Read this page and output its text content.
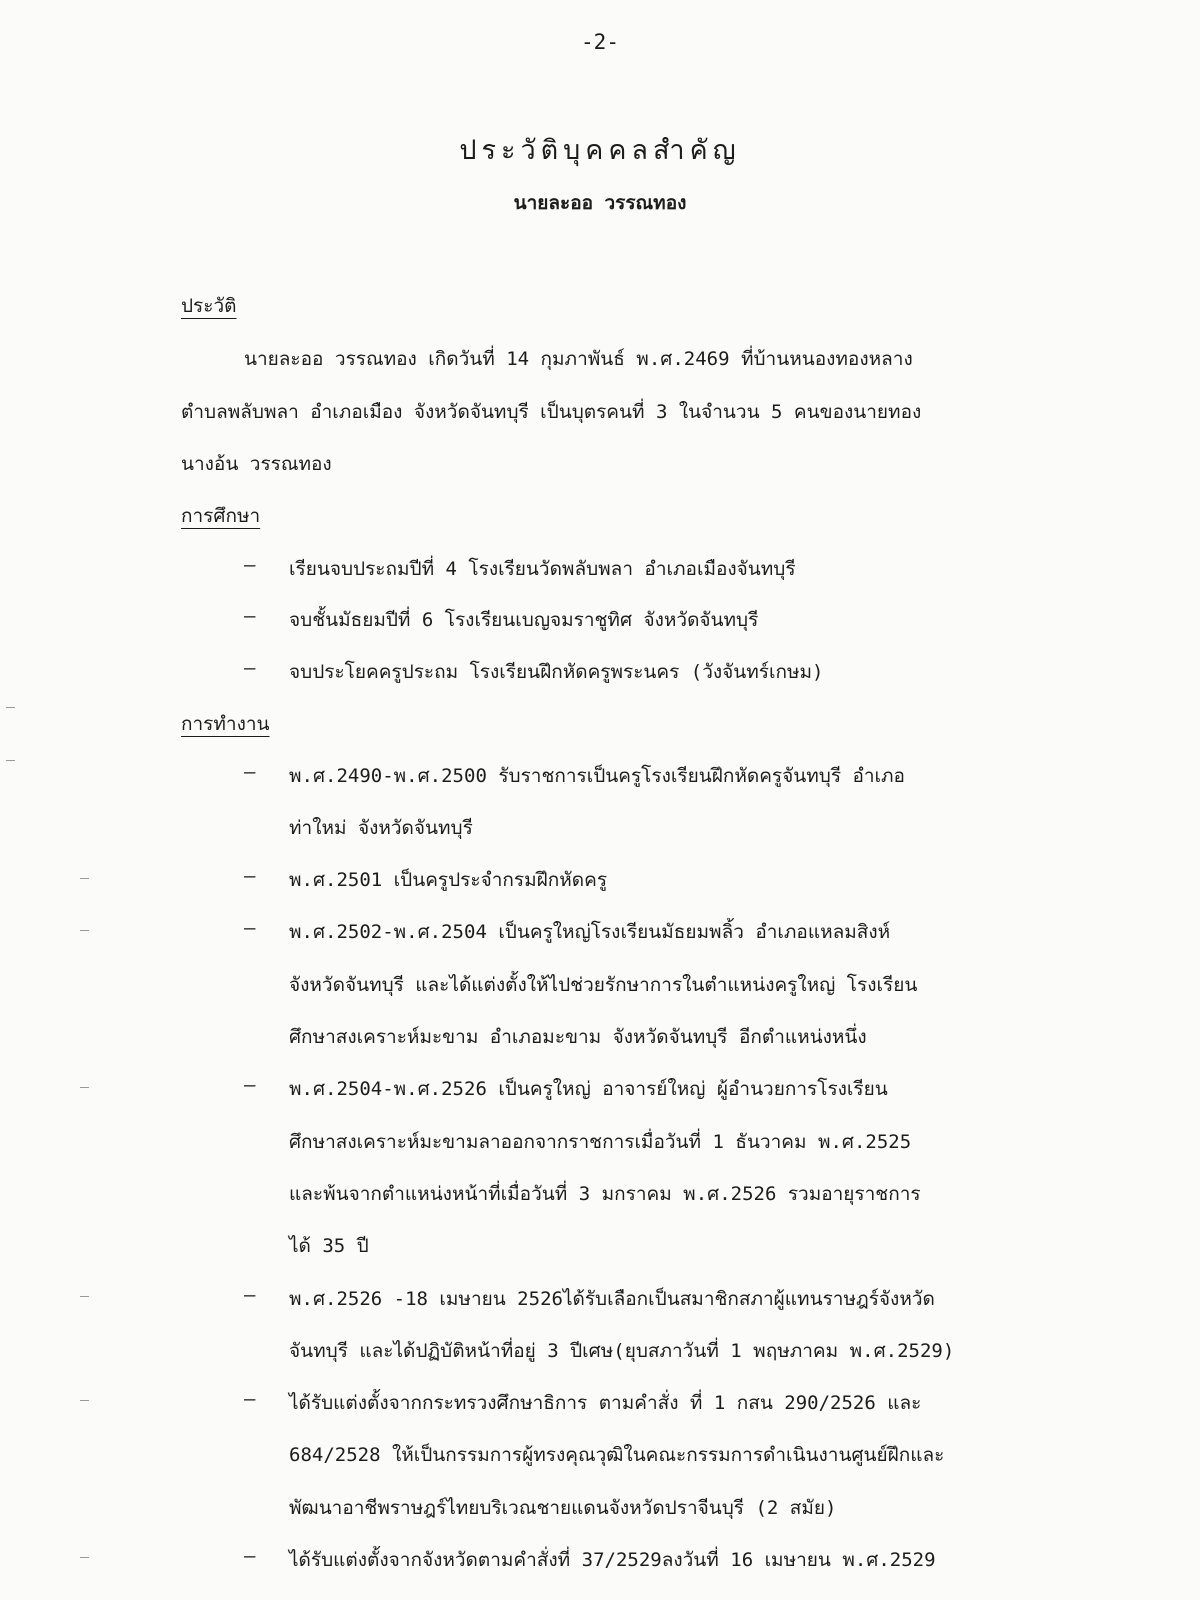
-2-
ประวัติบุคคลสำคัญ
นายละออ วรรณทอง
ประวัติ
นายละออ วรรณทอง เกิดวันที่ 14 กุมภาพันธ์ พ.ศ.2469 ที่บ้านหนองทองหลาง
ตำบลพลับพลา อำเภอเมือง จังหวัดจันทบุรี เป็นบุตรคนที่ 3 ในจำนวน 5 คนของนายทอง
นางอ้น วรรณทอง
การศึกษา
– เรียนจบประถมปีที่ 4 โรงเรียนวัดพลับพลา อำเภอเมืองจันทบุรี
– จบชั้นมัธยมปีที่ 6 โรงเรียนเบญจมราชูทิศ จังหวัดจันทบุรี
– จบประโยคครูประถม โรงเรียนฝึกหัดครูพระนคร (วังจันทร์เกษม)
การทำงาน
– พ.ศ.2490-พ.ศ.2500 รับราชการเป็นครูโรงเรียนฝึกหัดครูจันทบุรี อำเภอ
ท่าใหม่ จังหวัดจันทบุรี
– พ.ศ.2501 เป็นครูประจำกรมฝึกหัดครู
– พ.ศ.2502-พ.ศ.2504 เป็นครูใหญ่โรงเรียนมัธยมพลิ้ว อำเภอแหลมสิงห์
จังหวัดจันทบุรี และได้แต่งตั้งให้ไปช่วยรักษาการในตำแหน่งครูใหญ่ โรงเรียน
ศึกษาสงเคราะห์มะขาม อำเภอมะขาม จังหวัดจันทบุรี อีกตำแหน่งหนึ่ง
– พ.ศ.2504-พ.ศ.2526 เป็นครูใหญ่ อาจารย์ใหญ่ ผู้อำนวยการโรงเรียน
ศึกษาสงเคราะห์มะขามลาออกจากราชการเมื่อวันที่ 1 ธันวาคม พ.ศ.2525
และพ้นจากตำแหน่งหน้าที่เมื่อวันที่ 3 มกราคม พ.ศ.2526 รวมอายุราชการ
ได้ 35 ปี
– พ.ศ.2526 -18 เมษายน 2526ได้รับเลือกเป็นสมาชิกสภาผู้แทนราษฎร์จังหวัด
จันทบุรี และได้ปฏิบัติหน้าที่อยู่ 3 ปีเศษ(ยุบสภาวันที่ 1 พฤษภาคม พ.ศ.2529)
– ได้รับแต่งตั้งจากกระทรวงศึกษาธิการ ตามคำสั่ง ที่ 1 กสน 290/2526 และ
684/2528 ให้เป็นกรรมการผู้ทรงคุณวุฒิในคณะกรรมการดำเนินงานศูนย์ฝึกและ
พัฒนาอาชีพราษฎร์ไทยบริเวณชายแดนจังหวัดปราจีนบุรี (2 สมัย)
– ได้รับแต่งตั้งจากจังหวัดตามคำสั่งที่ 37/2529ลงวันที่ 16 เมษายน พ.ศ.2529
